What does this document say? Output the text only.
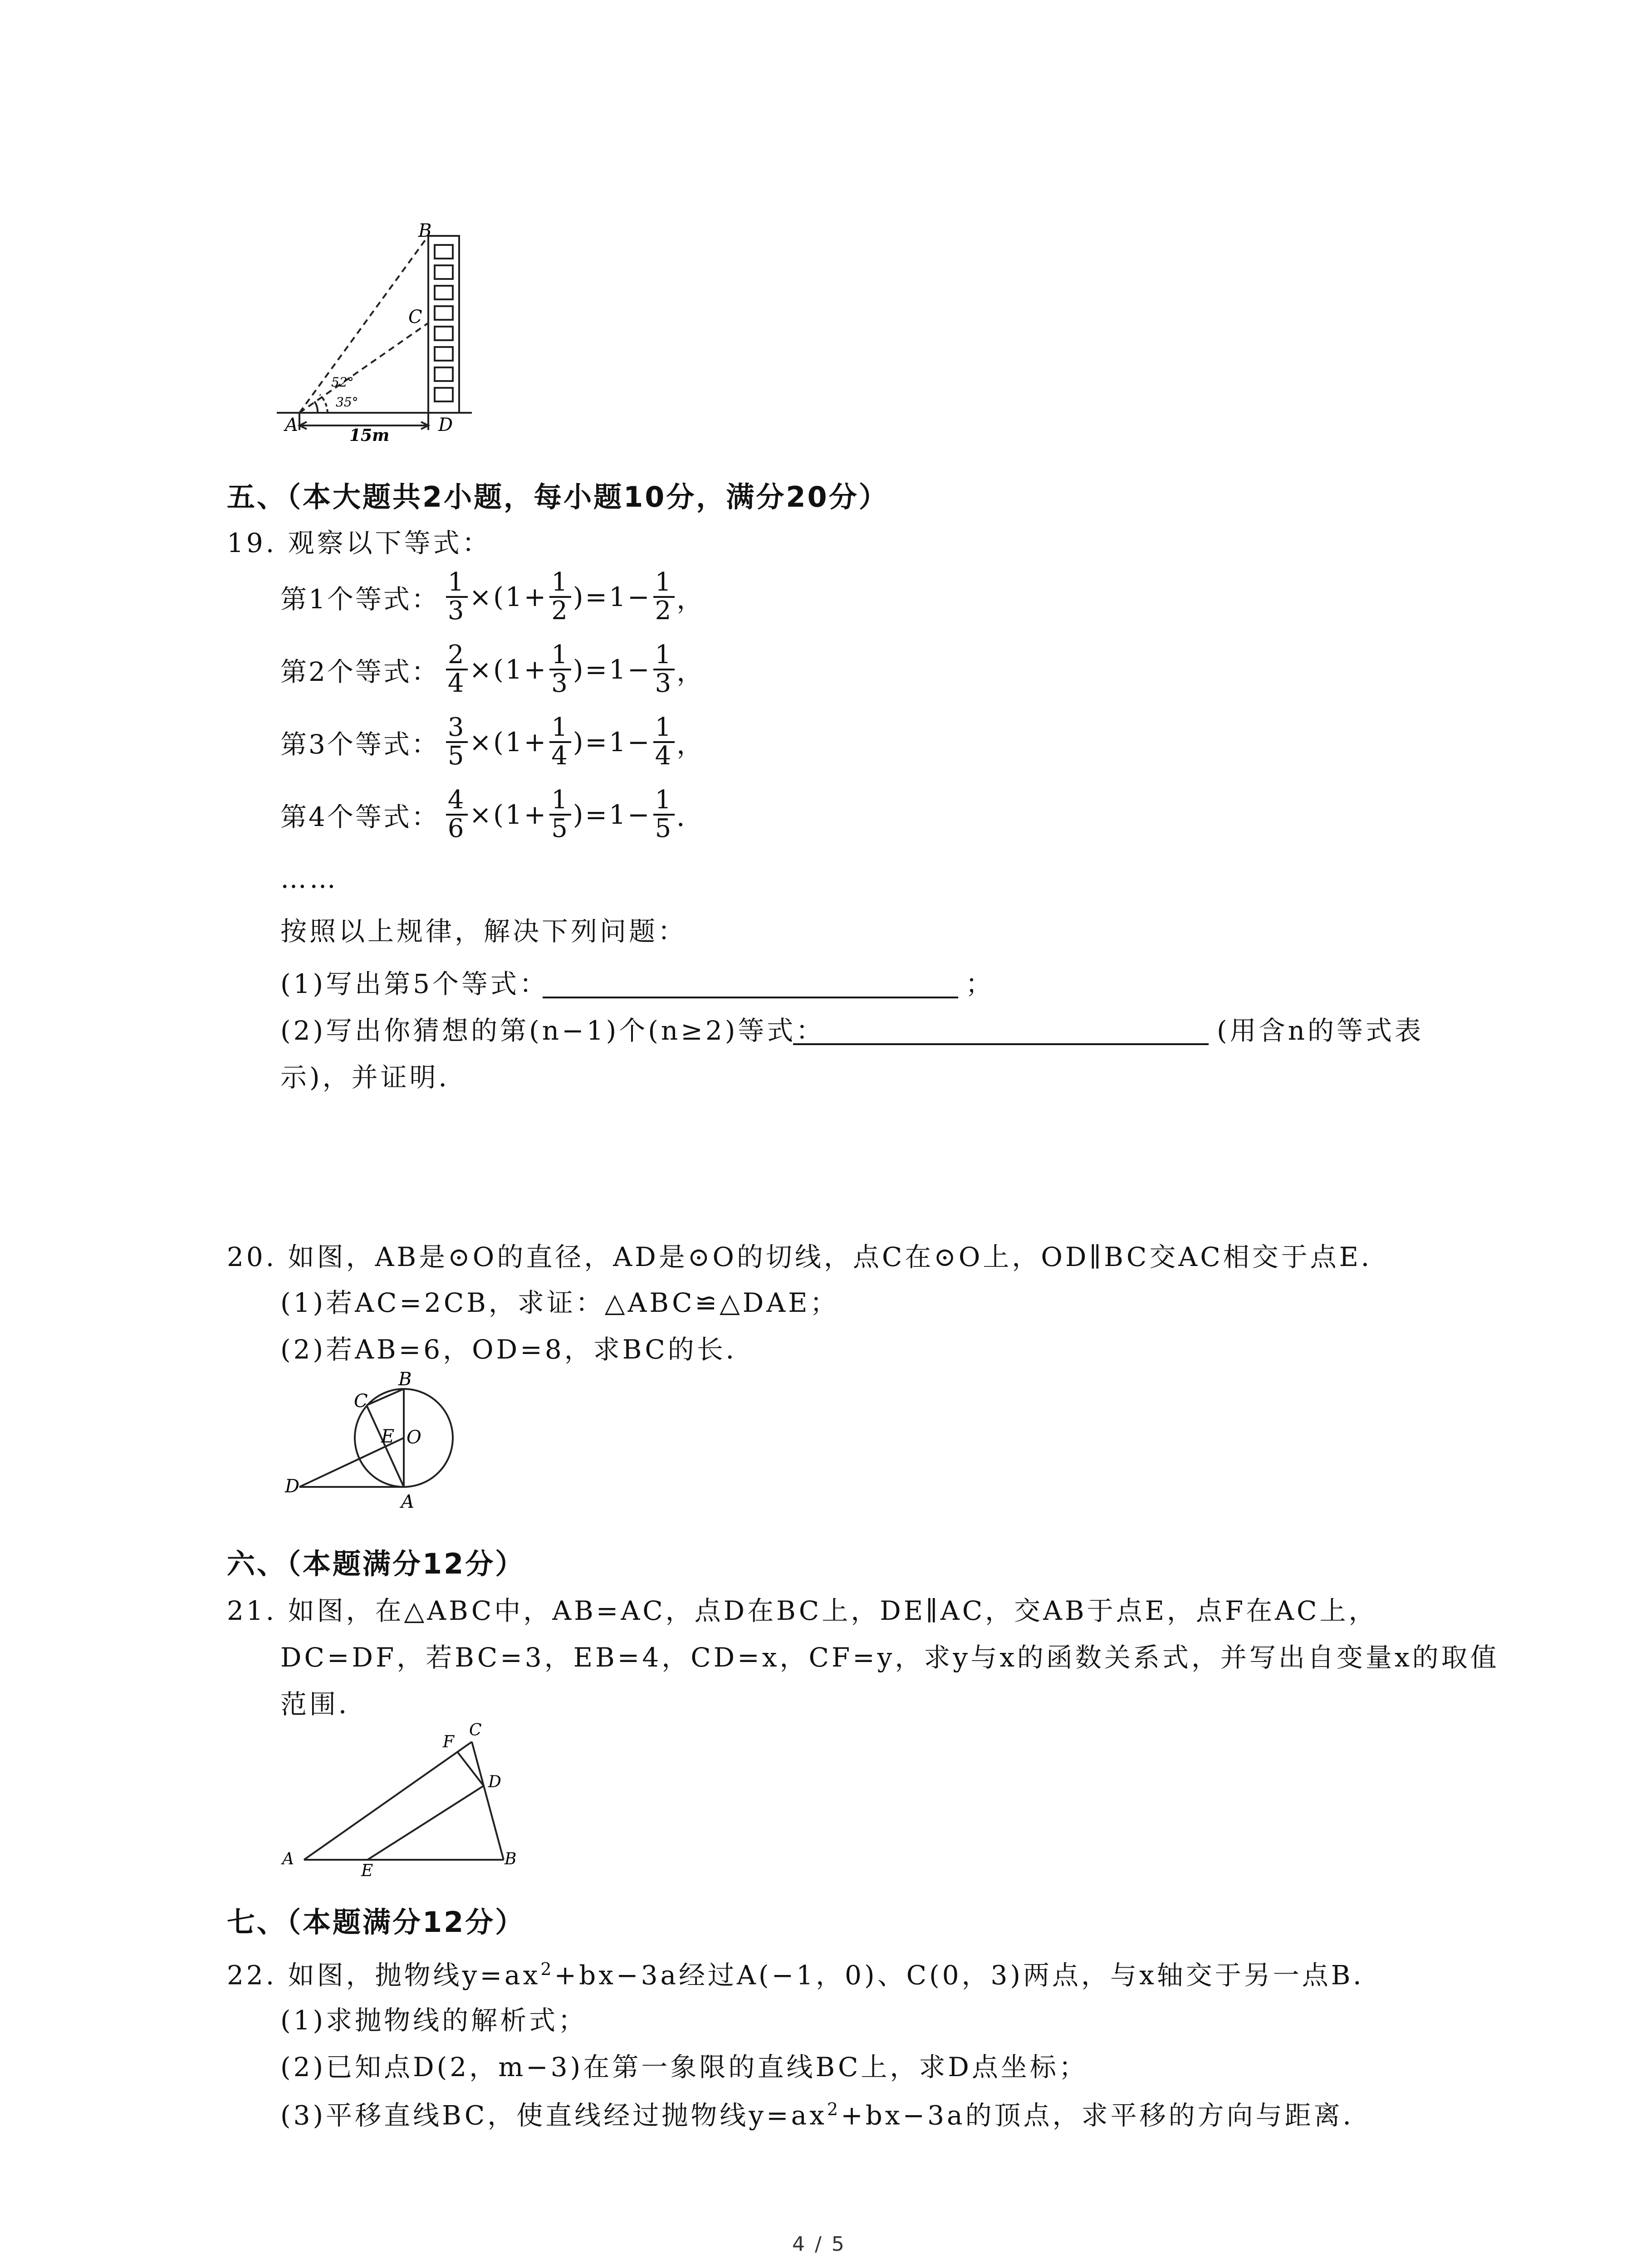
B
C
A	D
52°
35°
15m
五、（本大题共2小题，每小题10分，满分20分）
19. 观察以下等式：
第1个等式： $\frac{1}{3} \times(1+ \frac{1}{2} )=1- \frac{1}{2}$ ，
第2个等式： $\frac{2}{4} \times(1+ \frac{1}{3} )=1- \frac{1}{3}$ ，
第3个等式： $\frac{3}{5} \times(1+ \frac{1}{4} )=1- \frac{1}{4}$ ，
第4个等式： $\frac{4}{6} \times(1+ \frac{1}{5} )=1- \frac{1}{5}$ ．
……
按照以上规律，解决下列问题：
(1)写出第5个等式：	；
(2)写出你猜想的第(n−1)个(n≥2)等式：	(用含n的等式表
示)，并证明．
20. 如图，AB是⊙O的直径，AD是⊙O的切线，点C在⊙O上，OD∥BC交AC相交于点E．
(1)若AC=2CB，求证：△ABC≌△DAE；
(2)若AB=6，OD=8，求BC的长．
B
C
E O
D
A
六、（本题满分12分）
21. 如图，在△ABC中，AB=AC，点D在BC上，DE∥AC，交AB于点E，点F在AC上，
DC=DF，若BC=3，EB=4，CD=x，CF=y，求y与x的函数关系式，并写出自变量x的取值
范围．
F
C
D
A
E
B
七、（本题满分12分）
22. 如图，抛物线$y=ax^2+bx-3a$经过A(−1，0)、C(0，3)两点，与x轴交于另一点B．
(1)求抛物线的解析式；
(2)已知点D(2，m−3)在第一象限的直线BC上，求D点坐标；
(3)平移直线BC，使直线经过抛物线$y=ax^2+bx-3a$的顶点，求平移的方向与距离．
4 / 5
